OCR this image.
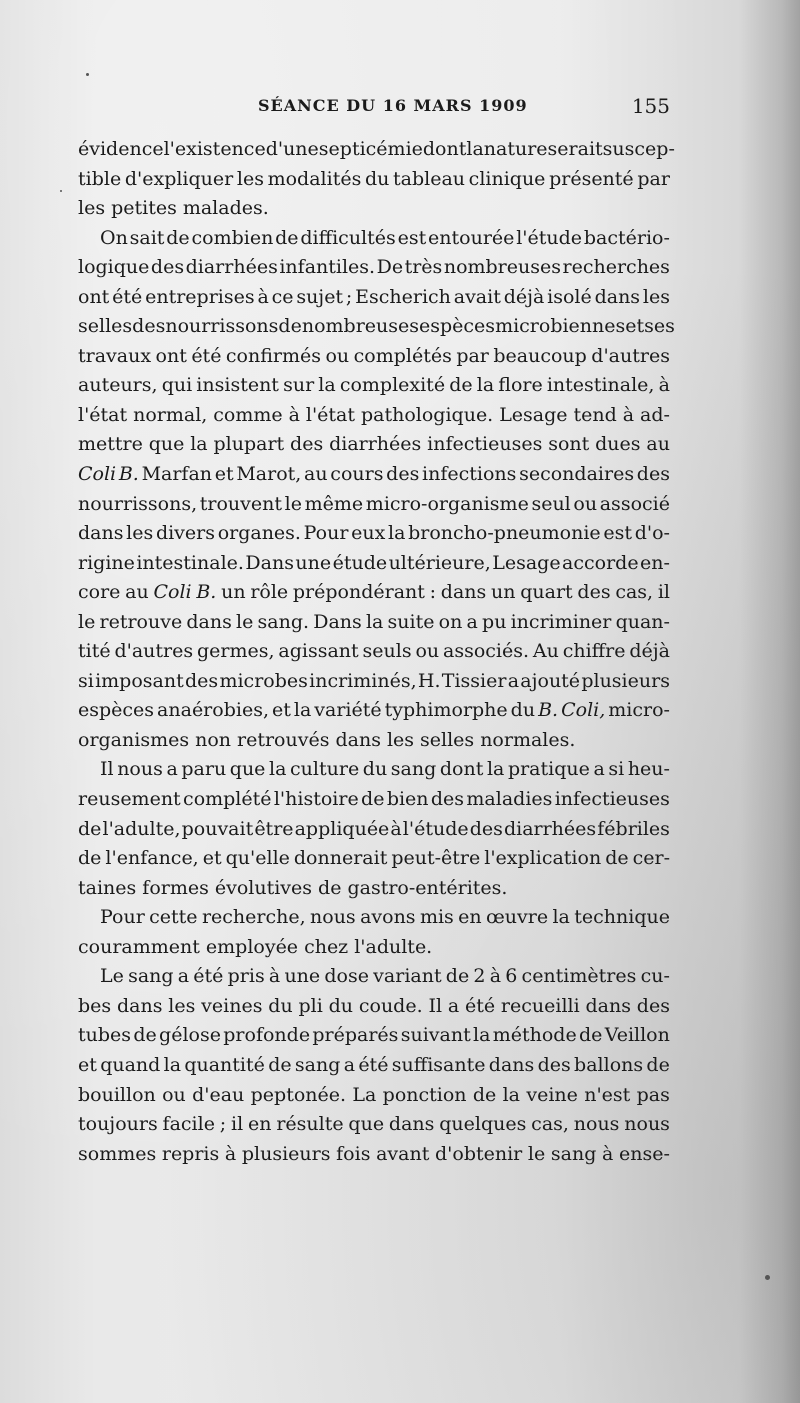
SÉANCE DU 16 MARS 1909	155
évidence l'existence d'une septicémie dont la nature serait suscep-
tible d'expliquer les modalités du tableau clinique présenté par
les petites malades.
On sait de combien de difficultés est entourée l'étude bactério-
logique des diarrhées infantiles. De très nombreuses recherches
ont été entreprises à ce sujet ; Escherich avait déjà isolé dans les
selles des nourrissons de nombreuses espèces microbiennes et ses
travaux ont été confirmés ou complétés par beaucoup d'autres
auteurs, qui insistent sur la complexité de la flore intestinale, à
l'état normal, comme à l'état pathologique. Lesage tend à ad-
mettre que la plupart des diarrhées infectieuses sont dues au
Coli B. Marfan et Marot, au cours des infections secondaires des
nourrissons, trouvent le même micro-organisme seul ou associé
dans les divers organes. Pour eux la broncho-pneumonie est d'o-
rigine intestinale. Dans une étude ultérieure, Lesage accorde en-
core au Coli B. un rôle prépondérant : dans un quart des cas, il
le retrouve dans le sang. Dans la suite on a pu incriminer quan-
tité d'autres germes, agissant seuls ou associés. Au chiffre déjà
si imposant des microbes incriminés, H. Tissier a ajouté plusieurs
espèces anaérobies, et la variété typhimorphe du B. Coli, micro-
organismes non retrouvés dans les selles normales.
Il nous a paru que la culture du sang dont la pratique a si heu-
reusement complété l'histoire de bien des maladies infectieuses
de l'adulte, pouvait être appliquée à l'étude des diarrhées fébriles
de l'enfance, et qu'elle donnerait peut-être l'explication de cer-
taines formes évolutives de gastro-entérites.
Pour cette recherche, nous avons mis en œuvre la technique
couramment employée chez l'adulte.
Le sang a été pris à une dose variant de 2 à 6 centimètres cu-
bes dans les veines du pli du coude. Il a été recueilli dans des
tubes de gélose profonde préparés suivant la méthode de Veillon
et quand la quantité de sang a été suffisante dans des ballons de
bouillon ou d'eau peptonée. La ponction de la veine n'est pas
toujours facile ; il en résulte que dans quelques cas, nous nous
sommes repris à plusieurs fois avant d'obtenir le sang à ense-
